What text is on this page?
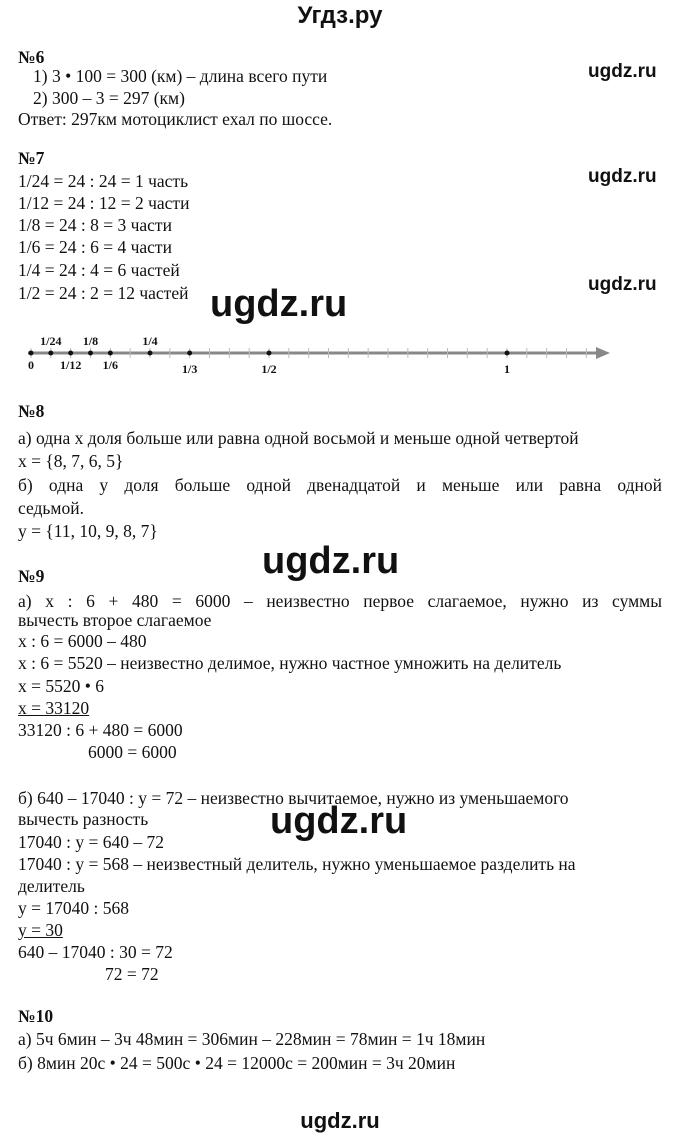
Угдз.ру
№6
1) 3 • 100 = 300 (км) – длина всего пути
2) 300 – 3 = 297 (км)
Ответ: 297км мотоциклист ехал по шоссе.
ugdz.ru
№7
1/24 = 24 : 24 = 1 часть
1/12 = 24 : 12 = 2 части
1/8 = 24 : 8 = 3 части
1/6 = 24 : 6 = 4 части
1/4 = 24 : 4 = 6 частей
1/2 = 24 : 2 = 12 частей
ugdz.ru
ugdz.ru
ugdz.ru
0
1/24
1/12
1/8
1/6
1/4
1/3	1/2	1
№8
а) одна x доля больше или равна одной восьмой и меньше одной четвертой
x = {8, 7, 6, 5}
б) одна y доля больше одной двенадцатой и меньше или равна одной
седьмой.
y = {11, 10, 9, 8, 7}
ugdz.ru
№9
а) x : 6 + 480 = 6000 – неизвестно первое слагаемое, нужно из суммы
вычесть второе слагаемое
x : 6 = 6000 – 480
x : 6 = 5520 – неизвестно делимое, нужно частное умножить на делитель
x = 5520 • 6
x = 33120
33120 : 6 + 480 = 6000
6000 = 6000
б) 640 – 17040 : y = 72 – неизвестно вычитаемое, нужно из уменьшаемого
вычесть разность
17040 : y = 640 – 72
17040 : y = 568 – неизвестный делитель, нужно уменьшаемое разделить на
делитель
y = 17040 : 568
y = 30
640 – 17040 : 30 = 72
72 = 72
ugdz.ru
№10
а) 5ч 6мин – 3ч 48мин = 306мин – 228мин = 78мин = 1ч 18мин
б) 8мин 20с • 24 = 500с • 24 = 12000с = 200мин = 3ч 20мин
ugdz.ru
